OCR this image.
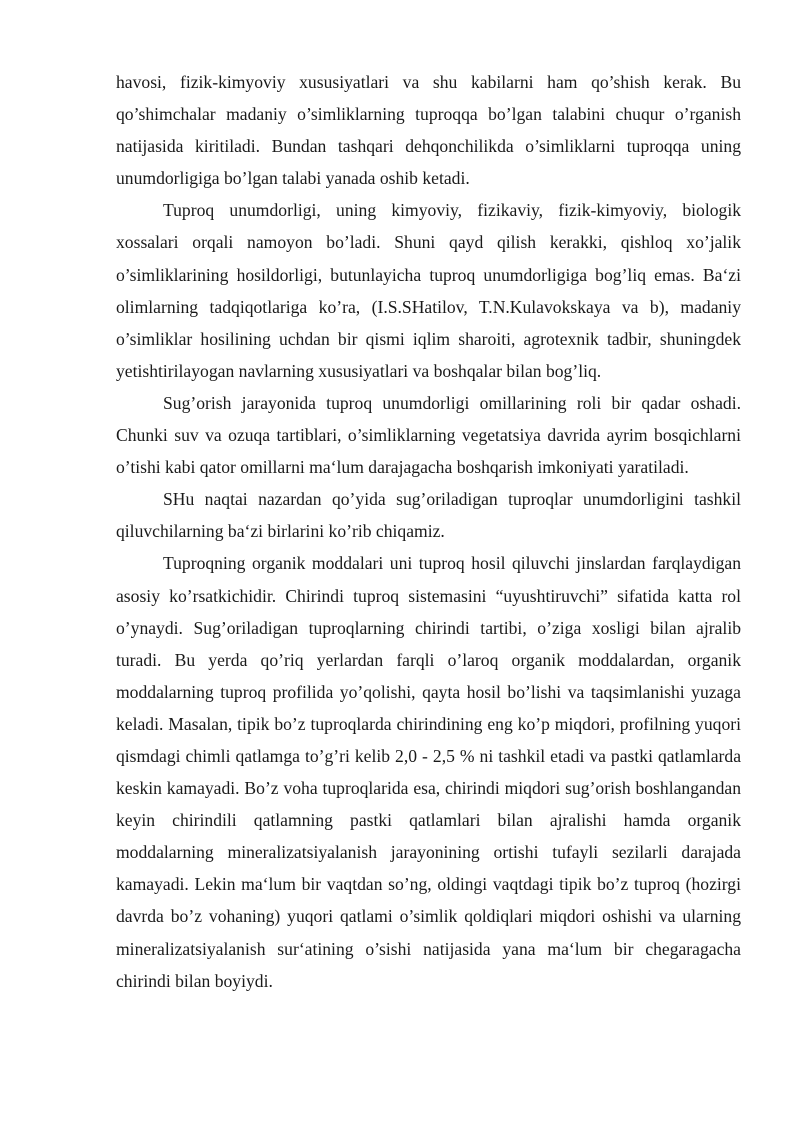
havosi, fizik-kimyoviy xususiyatlari va shu kabilarni ham qo’shish kerak. Bu qo’shimchalar madaniy o’simliklarning tuproqqa bo’lgan talabini chuqur o’rganish natijasida kiritiladi. Bundan tashqari dehqonchilikda o’simliklarni tuproqqa uning unumdorligiga bo’lgan talabi yanada oshib ketadi.

Tuproq unumdorligi, uning kimyoviy, fizikaviy, fizik-kimyoviy, biologik xossalari orqali namoyon bo’ladi. Shuni qayd qilish kerakki, qishloq xo’jalik o’simliklarining hosildorligi, butunlayicha tuproq unumdorligiga bog’liq emas. Ba‘zi olimlarning tadqiqotlariga ko’ra, (I.S.SHatilov, T.N.Kulavokskaya va b), madaniy o’simliklar hosilining uchdan bir qismi iqlim sharoiti, agrotexnik tadbir, shuningdek yetishtirilayogan navlarning xususiyatlari va boshqalar bilan bog’liq.

Sug’orish jarayonida tuproq unumdorligi omillarining roli bir qadar oshadi. Chunki suv va ozuqa tartiblari, o’simliklarning vegetatsiya davrida ayrim bosqichlarni o’tishi kabi qator omillarni ma‘lum darajagacha boshqarish imkoniyati yaratiladi.

SHu naqtai nazardan qo’yida sug’oriladigan tuproqlar unumdorligini tashkil qiluvchilarning ba‘zi birlarini ko’rib chiqamiz.

Tuproqning organik moddalari uni tuproq hosil qiluvchi jinslardan farqlaydigan asosiy ko’rsatkichidir. Chirindi tuproq sistemasini “uyushtiruvchi” sifatida katta rol o’ynaydi. Sug’oriladigan tuproqlarning chirindi tartibi, o’ziga xosligi bilan ajralib turadi. Bu yerda qo’riq yerlardan farqli o’laroq organik moddalardan, organik moddalarning tuproq profilida yo’qolishi, qayta hosil bo’lishi va taqsimlanishi yuzaga keladi. Masalan, tipik bo’z tuproqlarda chirindining eng ko’p miqdori, profilning yuqori qismdagi chimli qatlamga to’g’ri kelib 2,0 - 2,5 % ni tashkil etadi va pastki qatlamlarda keskin kamayadi. Bo’z voha tuproqlarida esa, chirindi miqdori sug’orish boshlangandan keyin chirindili qatlamning pastki qatlamlari bilan ajralishi hamda organik moddalarning mineralizatsiyalanish jarayonining ortishi tufayli sezilarli darajada kamayadi. Lekin ma‘lum bir vaqtdan so’ng, oldingi vaqtdagi tipik bo’z tuproq (hozirgi davrda bo’z vohaning) yuqori qatlami o’simlik qoldiqlari miqdori oshishi va ularning mineralizatsiyalanish sur‘atining o’sishi natijasida yana ma‘lum bir chegaragacha chirindi bilan boyiydi.
